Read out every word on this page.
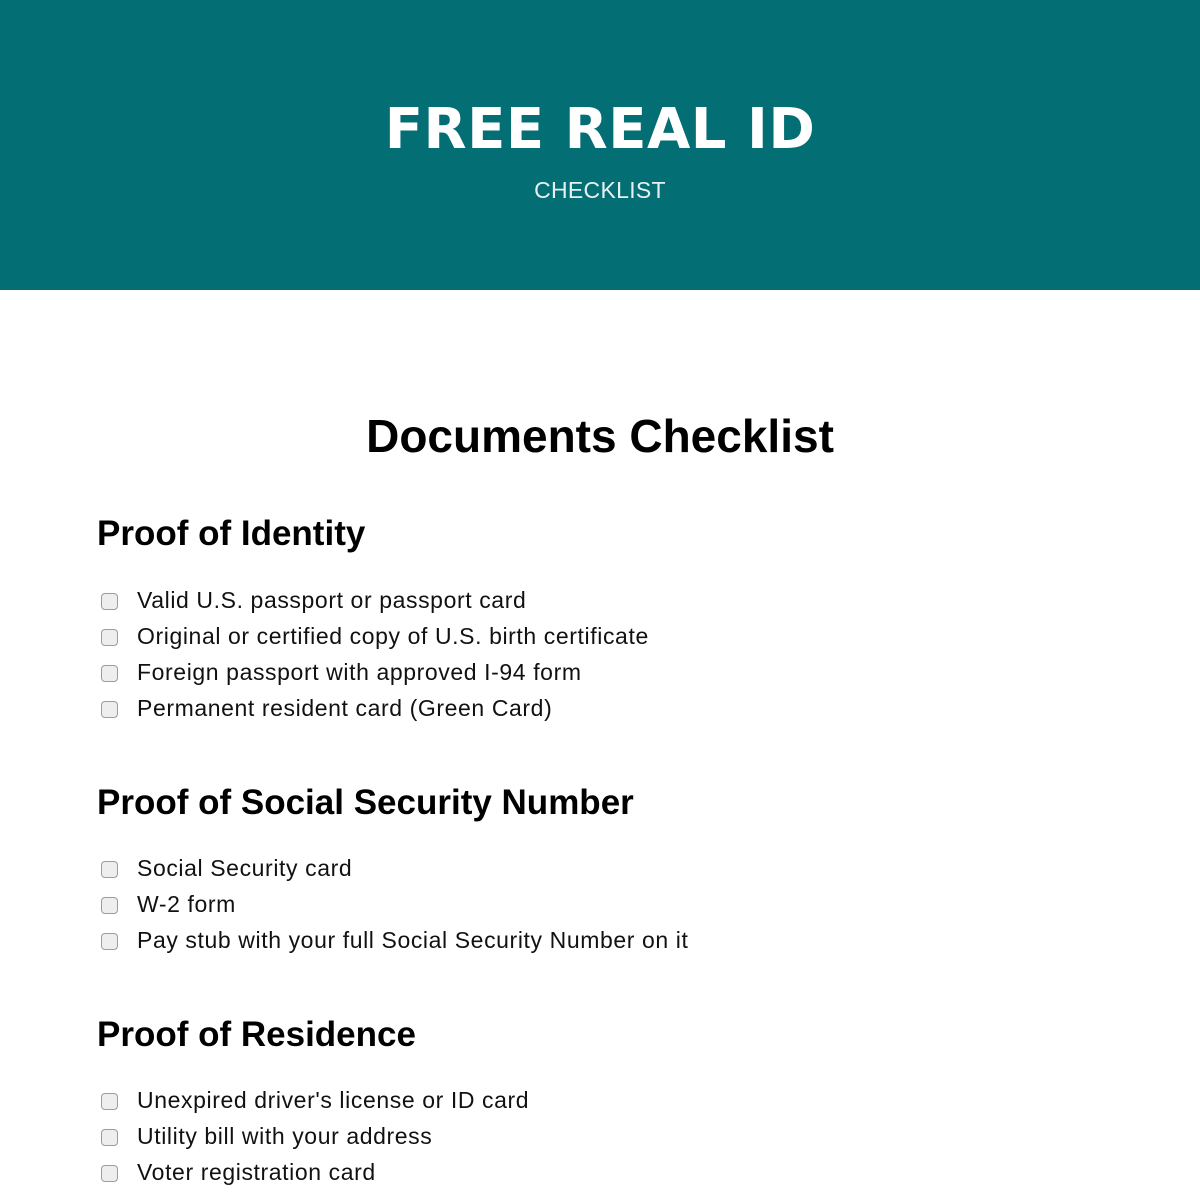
FREE REAL ID
CHECKLIST
Documents Checklist
Proof of Identity
Valid U.S. passport or passport card
Original or certified copy of U.S. birth certificate
Foreign passport with approved I-94 form
Permanent resident card (Green Card)
Proof of Social Security Number
Social Security card
W-2 form
Pay stub with your full Social Security Number on it
Proof of Residence
Unexpired driver's license or ID card
Utility bill with your address
Voter registration card
